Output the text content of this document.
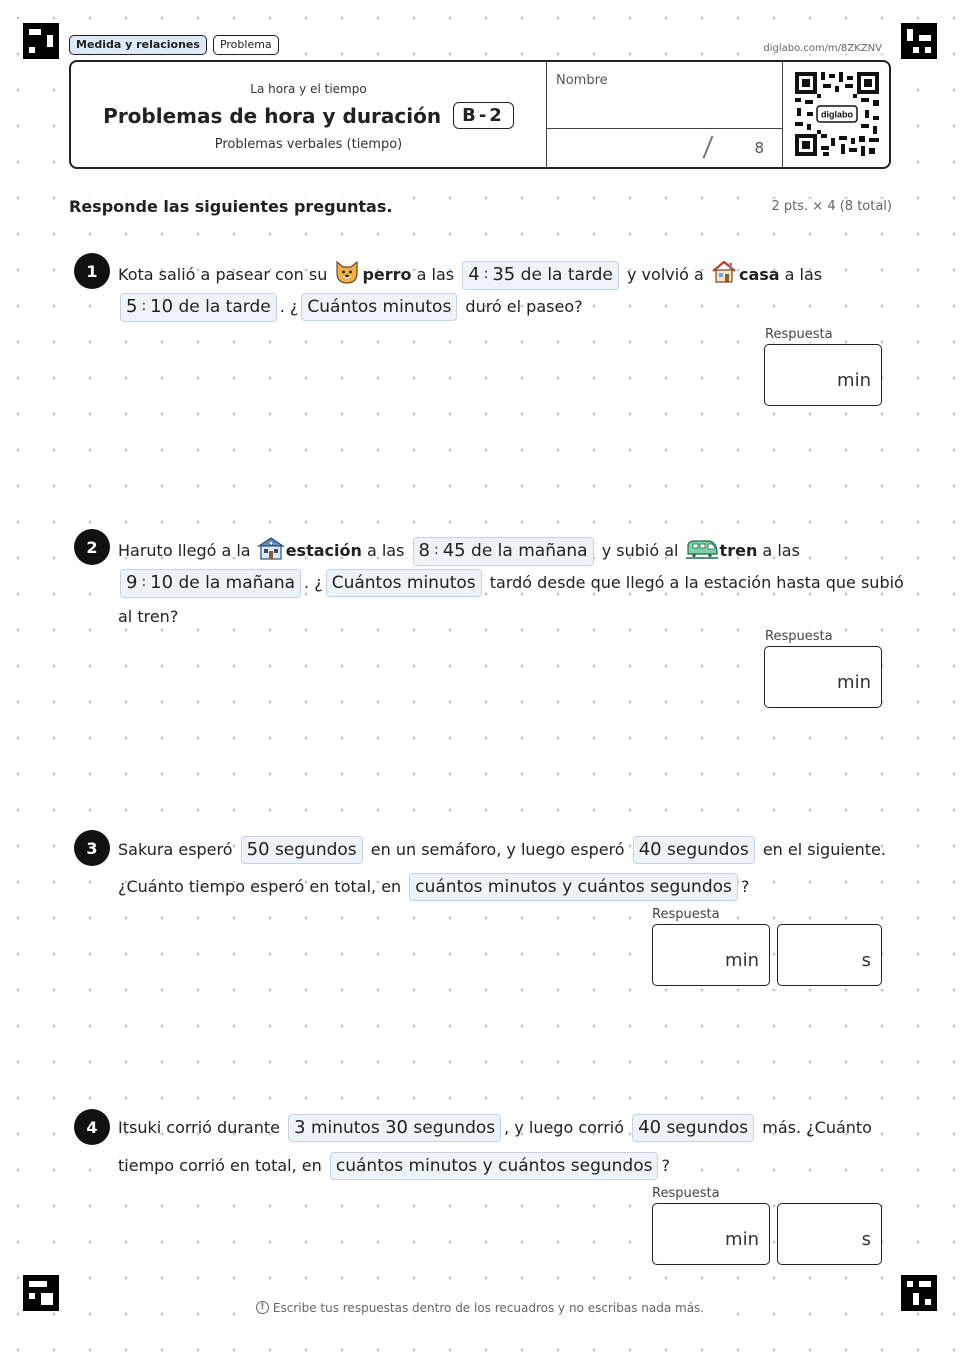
Medida y relaciones	Problema	diglabo.com/m/8ZKZNV
La hora y el tiempo
Problemas de hora y duración	B-2
Problemas verbales (tiempo)
Nombre
8
diglabo
Responde las siguientes preguntas.	2 pts. × 4 (8 total)
1	Kota salió a pasear con su perro a las 4 : 35 de la tarde y volvió a casa a las
5 : 10 de la tarde . ¿ Cuántos minutos duró el paseo?
Respuesta
min
2	Haruto llegó a la estación a las 8 : 45 de la mañana y subió al	tren a las
9 : 10 de la mañana . ¿ Cuántos minutos tardó desde que llegó a la estación hasta que subió
al tren?
Respuesta
min
3	Sakura esperó 50 segundos en un semáforo, y luego esperó 40 segundos en el siguiente.
¿Cuánto tiempo esperó en total, en cuántos minutos y cuántos segundos ?
Respuesta
min	s
4	Itsuki corrió durante 3 minutos 30 segundos , y luego corrió 40 segundos más. ¿Cuánto
tiempo corrió en total, en cuántos minutos y cuántos segundos ?
Respuesta
min	s
! Escribe tus respuestas dentro de los recuadros y no escribas nada más.
